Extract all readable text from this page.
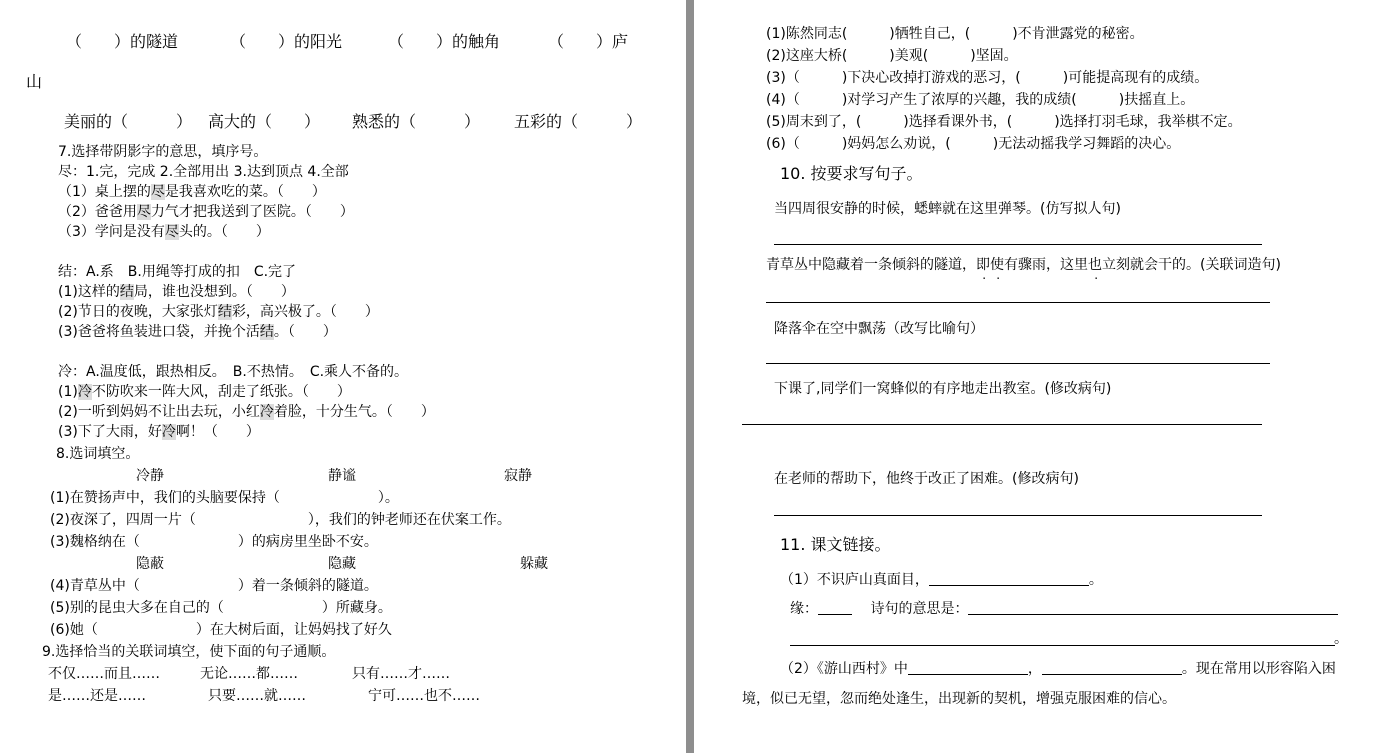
（　　）的隧道	（　　）的阳光	（　　）的触角	（　　）庐
山
美丽的（　　　） 高大的（　　） 熟悉的（　　　） 五彩的（　　　）
7.选择带阴影字的意思，填序号。
尽：1.完，完成 2.全部用出 3.达到顶点 4.全部
（1）桌上摆的尽是我喜欢吃的菜。（　　）
（2）爸爸用尽力气才把我送到了医院。（　　）
（3）学问是没有尽头的。（　　）
结：A.系　B.用绳等打成的扣　C.完了
(1)这样的结局，谁也没想到。（　　）
(2)节日的夜晚，大家张灯结彩，高兴极了。（　　）
(3)爸爸将鱼装进口袋，并挽个活结。（　　）
冷：A.温度低，跟热相反。　B.不热情。　C.乘人不备的。
(1)冷不防吹来一阵大风，刮走了纸张。（　　）
(2)一听到妈妈不让出去玩，小红冷着脸，十分生气。（　　）
(3)下了大雨，好冷啊！（　　）
8.选词填空。
冷静	静谧	寂静
(1)在赞扬声中，我们的头脑要保持（　　　　　　　）。
(2)夜深了，四周一片（　　　　　　　　），我们的钟老师还在伏案工作。
(3)魏格纳在（　　　　　　　）的病房里坐卧不安。
隐蔽	隐藏	躲藏
(4)青草丛中（　　　　　　　）着一条倾斜的隧道。
(5)别的昆虫大多在自己的（　　　　　　　）所藏身。
(6)她（　　　　　　　）在大树后面，让妈妈找了好久
9.选择恰当的关联词填空，使下面的句子通顺。
不仅……而且……	无论……都……	只有……才……
是……还是……	只要……就……	宁可……也不……
(1)陈然同志(　　　)牺牲自己，(　　　)不肯泄露党的秘密。
(2)这座大桥(　　　)美观(　　　)坚固。
(3)（　　　)下决心改掉打游戏的恶习，(　　　)可能提高现有的成绩。
(4)（　　　)对学习产生了浓厚的兴趣，我的成绩(　　　)扶摇直上。
(5)周末到了，(　　　)选择看课外书，(　　　)选择打羽毛球，我举棋不定。
(6)（　　　)妈妈怎么劝说，(　　　)无法动摇我学习舞蹈的决心。
10. 按要求写句子。
当四周很安静的时候，蟋蟀就在这里弹琴。(仿写拟人句)
青草丛中隐藏着一条倾斜的隧道，即使有骤雨，这里也立刻就会干的。(关联词造句)
降落伞在空中飘荡（改写比喻句）
下课了,同学们一窝蜂似的有序地走出教室。(修改病句)
在老师的帮助下，他终于改正了困难。(修改病句)
11. 课文链接。
（1）不识庐山真面目，	。
缘：　	诗句的意思是：
。
（2）《游山西村》中	，	。现在常用以形容陷入困
境，似已无望，忽而绝处逢生，出现新的契机，增强克服困难的信心。
